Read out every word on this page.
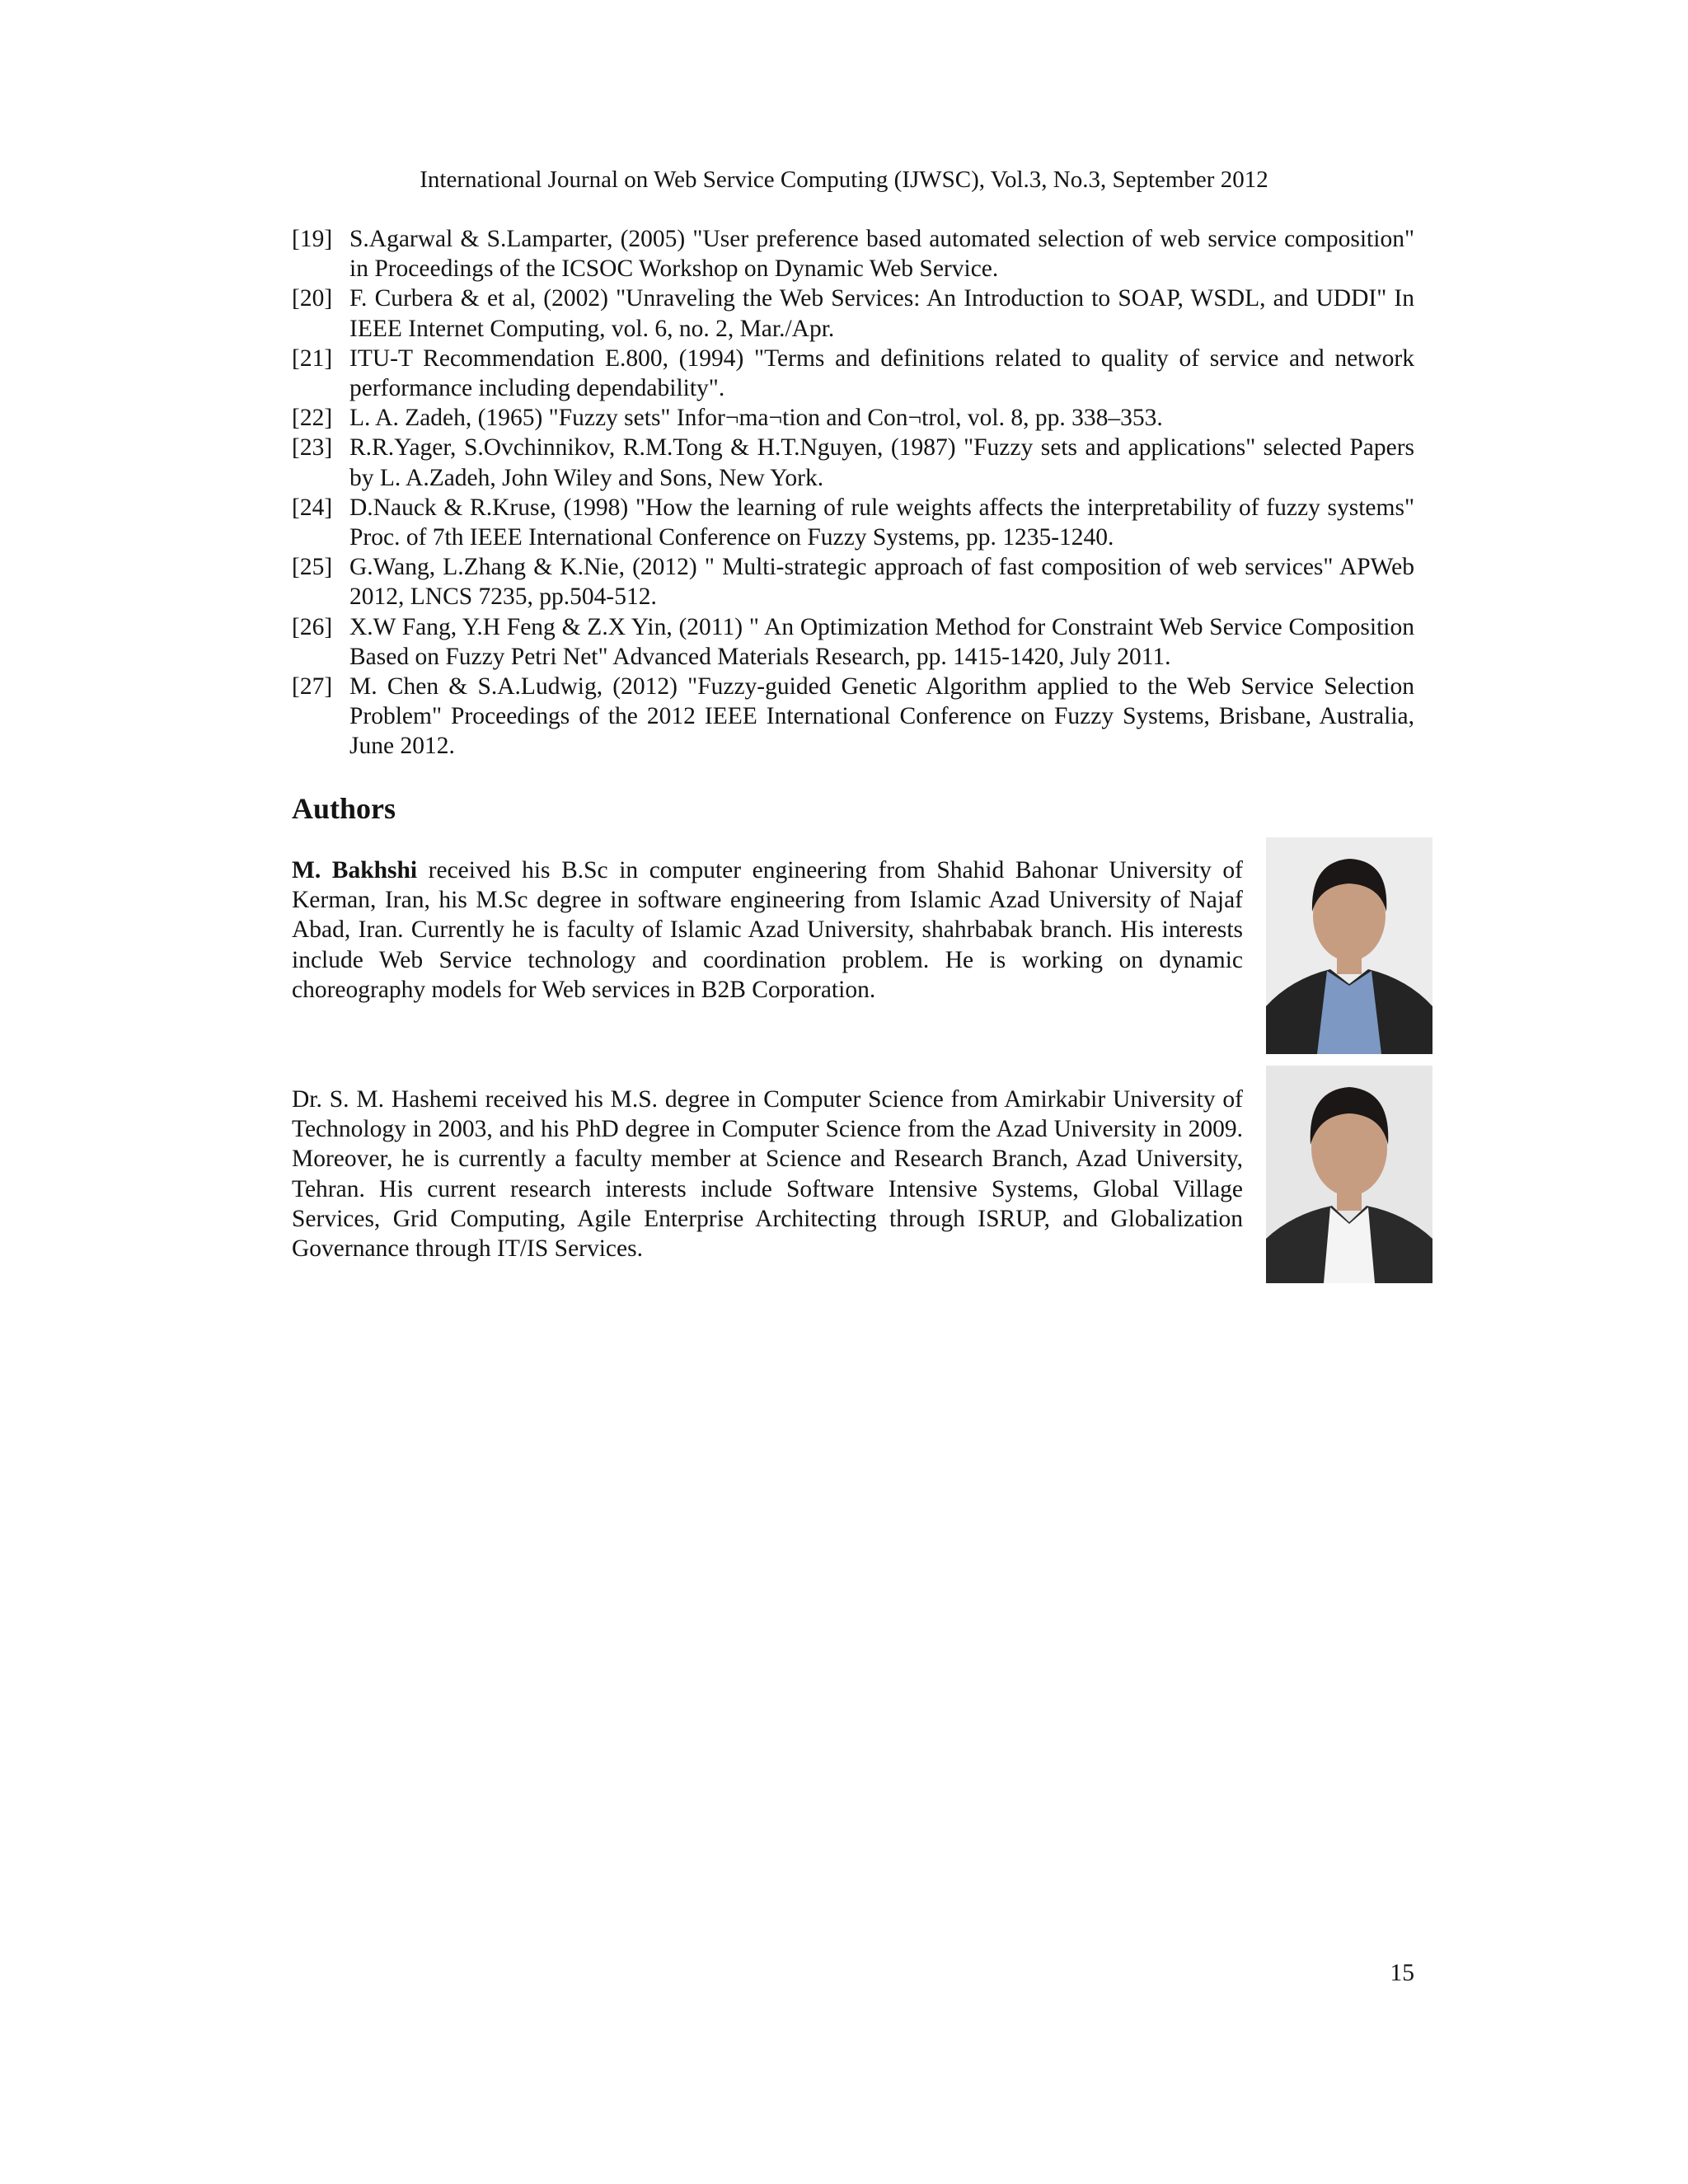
International Journal on Web Service Computing (IJWSC), Vol.3, No.3, September 2012
[19] S.Agarwal & S.Lamparter, (2005) "User preference based automated selection of web service composition" in Proceedings of the ICSOC Workshop on Dynamic Web Service.
[20] F. Curbera & et al, (2002) "Unraveling the Web Services: An Introduction to SOAP, WSDL, and UDDI" In IEEE Internet Computing, vol. 6, no. 2, Mar./Apr.
[21] ITU-T Recommendation E.800, (1994) "Terms and definitions related to quality of service and network performance including dependability".
[22] L. A. Zadeh, (1965) "Fuzzy sets" Infor¬ma¬tion and Con¬trol, vol. 8, pp. 338–353.
[23] R.R.Yager, S.Ovchinnikov, R.M.Tong & H.T.Nguyen, (1987) "Fuzzy sets and applications" selected Papers by L. A.Zadeh, John Wiley and Sons, New York.
[24] D.Nauck & R.Kruse, (1998) "How the learning of rule weights affects the interpretability of fuzzy systems" Proc. of 7th IEEE International Conference on Fuzzy Systems, pp. 1235-1240.
[25] G.Wang, L.Zhang & K.Nie, (2012) " Multi-strategic approach of fast composition of web services" APWeb 2012, LNCS 7235, pp.504-512.
[26] X.W Fang, Y.H Feng & Z.X Yin, (2011) " An Optimization Method for Constraint Web Service Composition Based on Fuzzy Petri Net" Advanced Materials Research, pp. 1415-1420, July 2011.
[27] M. Chen & S.A.Ludwig, (2012) "Fuzzy-guided Genetic Algorithm applied to the Web Service Selection Problem" Proceedings of the 2012 IEEE International Conference on Fuzzy Systems, Brisbane, Australia, June 2012.
Authors

M. Bakhshi received his B.Sc in computer engineering from Shahid Bahonar University of Kerman, Iran, his M.Sc degree in software engineering from Islamic Azad University of Najaf Abad, Iran. Currently he is faculty of Islamic Azad University, shahrbabak branch. His interests include Web Service technology and coordination problem. He is working on dynamic choreography models for Web services in B2B Corporation.

Dr. S. M. Hashemi received his M.S. degree in Computer Science from Amirkabir University of Technology in 2003, and his PhD degree in Computer Science from the Azad University in 2009. Moreover, he is currently a faculty member at Science and Research Branch, Azad University, Tehran. His current research interests include Software Intensive Systems, Global Village Services, Grid Computing, Agile Enterprise Architecting through ISRUP, and Globalization Governance through IT/IS Services.

15
